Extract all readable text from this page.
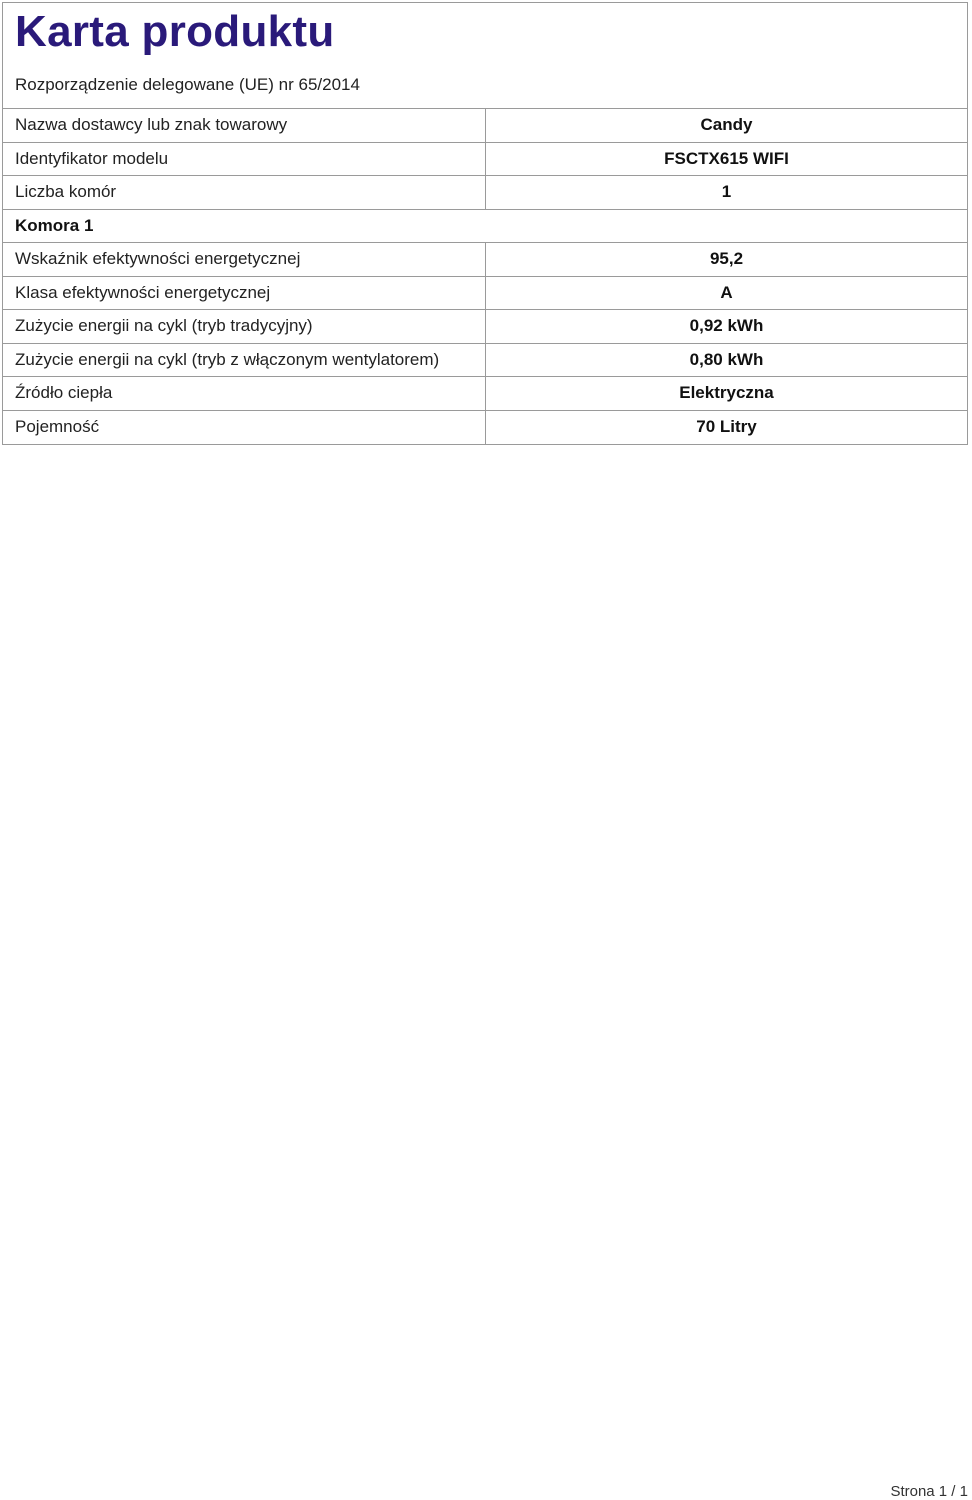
Karta produktu
Rozporządzenie delegowane (UE) nr 65/2014
Nazwa dostawcy lub znak towarowy	Candy
Identyfikator modelu	FSCTX615 WIFI
Liczba komór	1
Komora 1
Wskaźnik efektywności energetycznej	95,2
Klasa efektywności energetycznej	A
Zużycie energii na cykl (tryb tradycyjny)	0,92 kWh
Zużycie energii na cykl (tryb z włączonym wentylatorem)	0,80 kWh
Źródło ciepła	Elektryczna
Pojemność	70 Litry
Strona 1 / 1
